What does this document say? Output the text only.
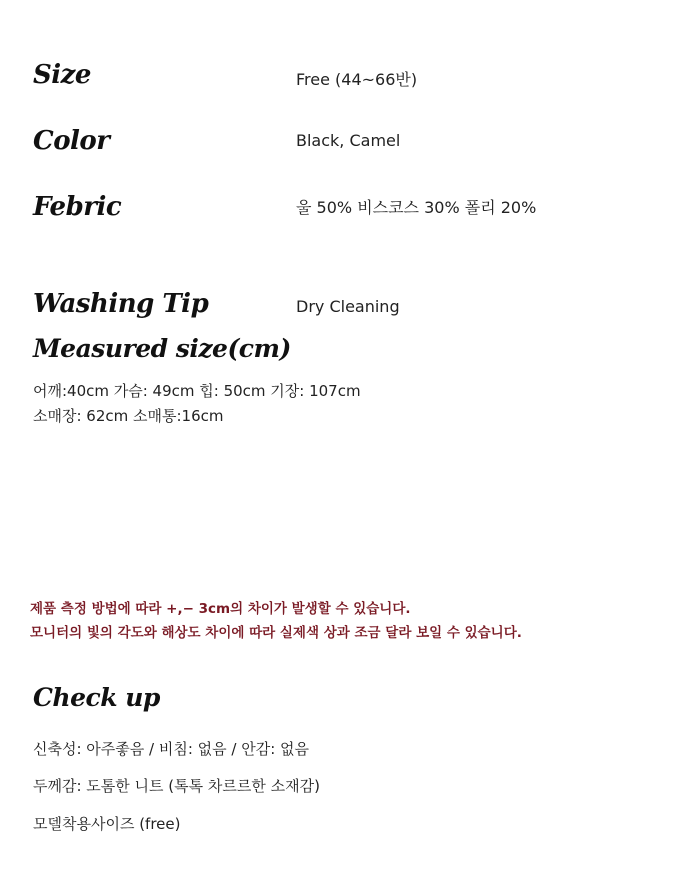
Size	Free (44~66반)
Color	Black, Camel
Febric	울 50% 비스코스 30% 폴리 20%
Washing Tip	Dry Cleaning
Measured size(cm)
어깨:40cm 가슴: 49cm 힙: 50cm 기장: 107cm
소매장: 62cm 소매통:16cm
제품 측정 방법에 따라 +,− 3cm의 차이가 발생할 수 있습니다.
모니터의 빛의 각도와 해상도 차이에 따라 실제색 상과 조금 달라 보일 수 있습니다.
Check up
신축성: 아주좋음 / 비침: 없음 / 안감: 없음
두께감: 도톰한 니트 (톡톡 차르르한 소재감)
모델착용사이즈 (free)
